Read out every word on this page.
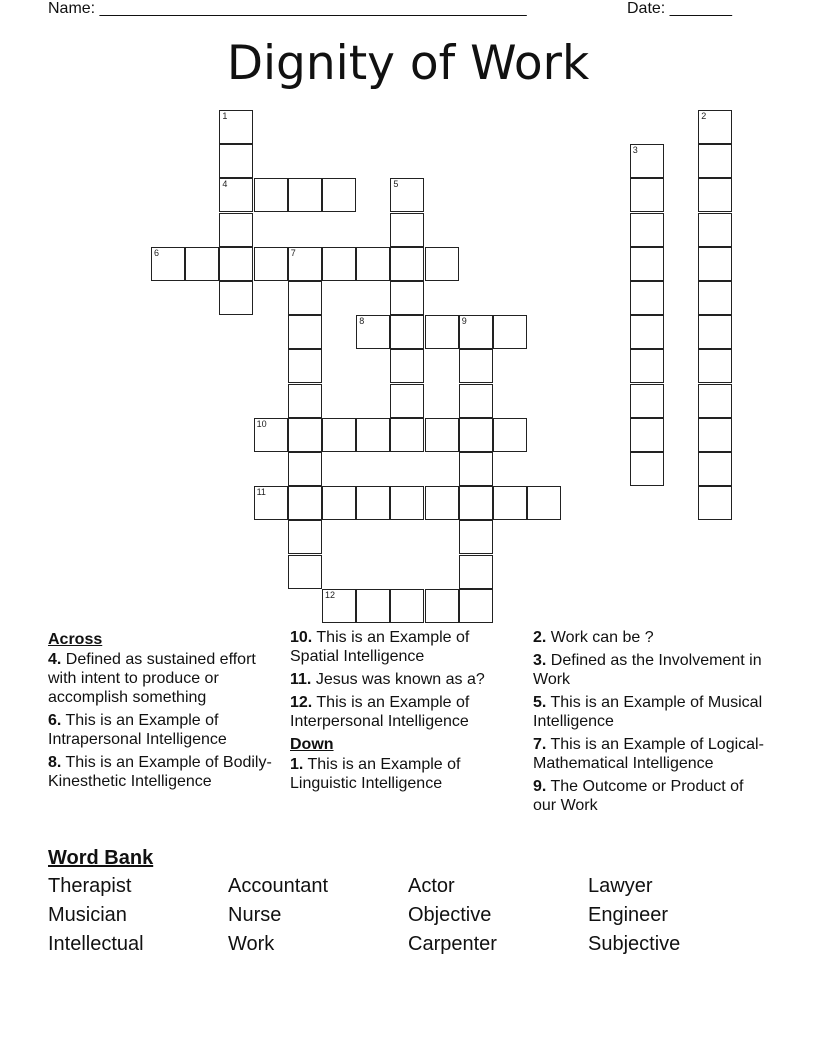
Name: ________________________________________________	Date: _______
Dignity of Work
1
4
2
3
5
6	7
8	9
10
11
12
Across
4. Defined as sustained effort with intent to produce or accomplish something
6. This is an Example of Intrapersonal Intelligence
8. This is an Example of Bodily-Kinesthetic Intelligence
10. This is an Example of Spatial Intelligence
11. Jesus was known as a?
12. This is an Example of Interpersonal Intelligence
Down
1. This is an Example of Linguistic Intelligence
2. Work can be ?
3. Defined as the Involvement in Work
5. This is an Example of Musical Intelligence
7. This is an Example of Logical-Mathematical Intelligence
9. The Outcome or Product of our Work
Word Bank
Therapist	Accountant	Actor	Lawyer
Musician	Nurse	Objective	Engineer
Intellectual	Work	Carpenter	Subjective
